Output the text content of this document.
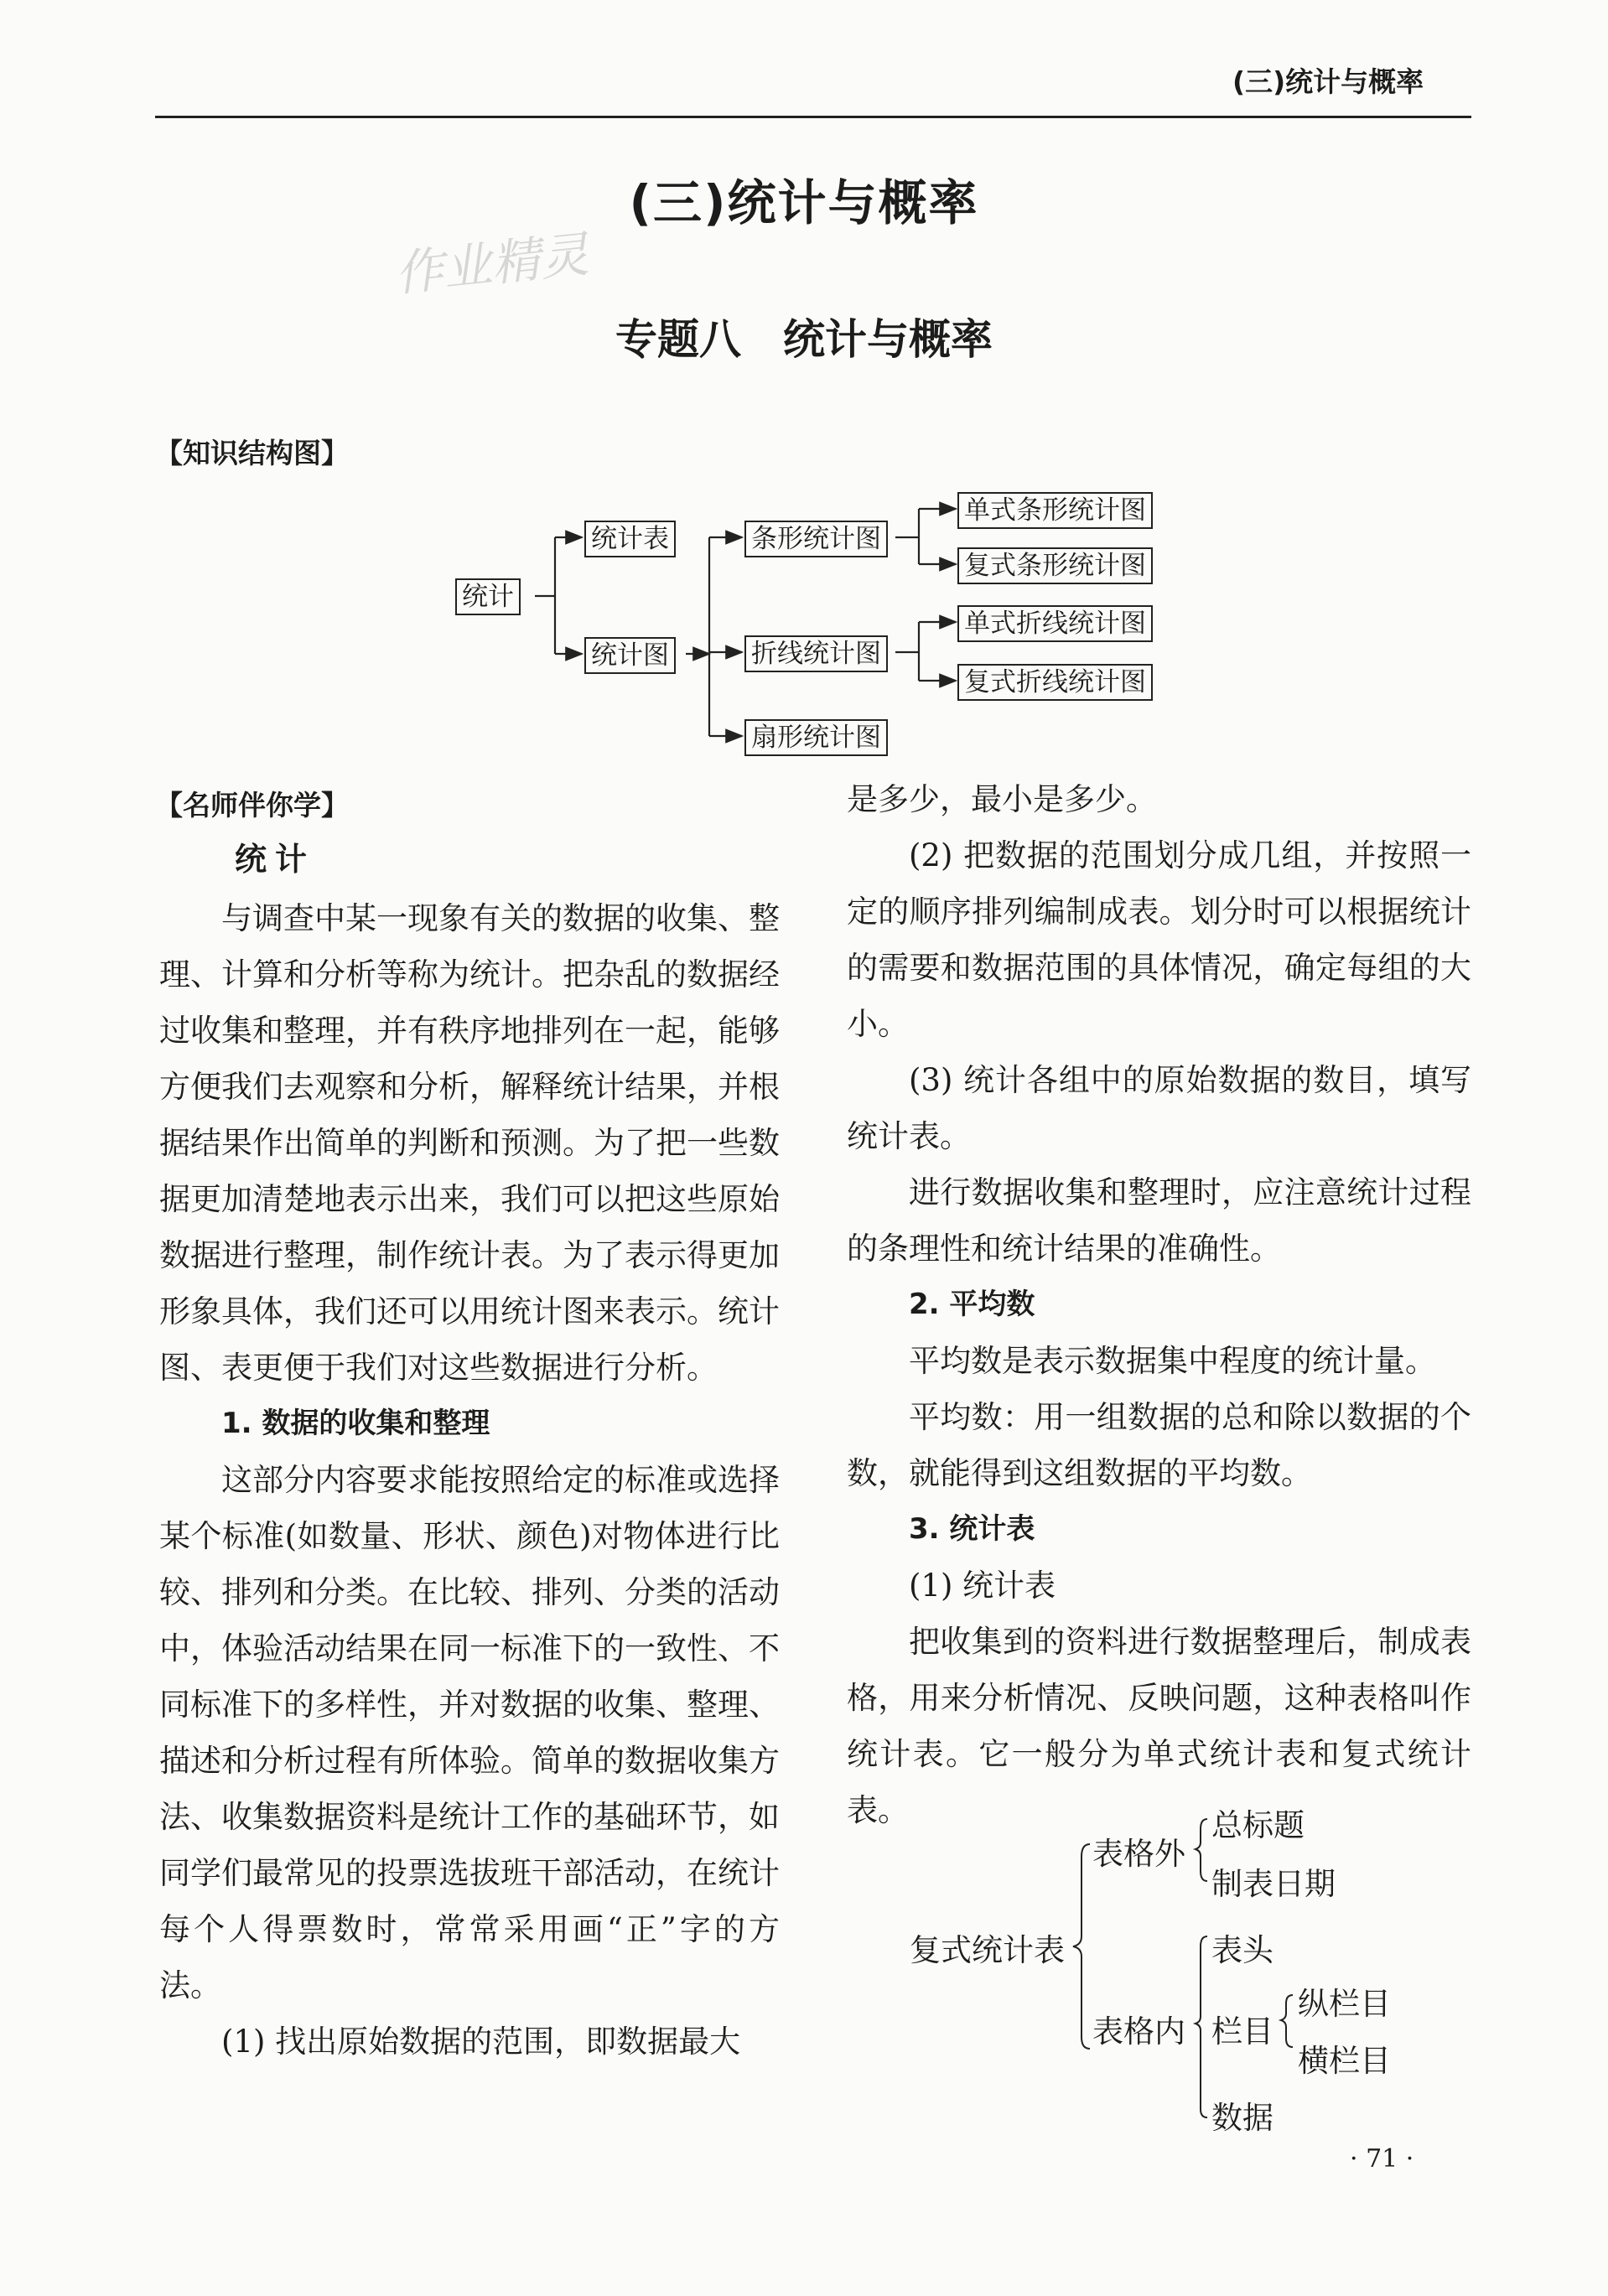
(三)统计与概率
(三)统计与概率
作业精灵
专题八　统计与概率
【知识结构图】
统计
统计表
统计图
条形统计图
折线统计图
扇形统计图
单式条形统计图
复式条形统计图
单式折线统计图
复式折线统计图
【名师伴你学】
统计

与调查中某一现象有关的数据的收集、整理、计算和分析等称为统计。把杂乱的数据经过收集和整理，并有秩序地排列在一起，能够方便我们去观察和分析，解释统计结果，并根据结果作出简单的判断和预测。为了把一些数据更加清楚地表示出来，我们可以把这些原始数据进行整理，制作统计表。为了表示得更加形象具体，我们还可以用统计图来表示。统计图、表更便于我们对这些数据进行分析。

1. 数据的收集和整理

这部分内容要求能按照给定的标准或选择某个标准(如数量、形状、颜色)对物体进行比较、排列和分类。在比较、排列、分类的活动中，体验活动结果在同一标准下的一致性、不同标准下的多样性，并对数据的收集、整理、描述和分析过程有所体验。简单的数据收集方法、收集数据资料是统计工作的基础环节，如同学们最常见的投票选拔班干部活动，在统计每个人得票数时，常常采用画“正”字的方法。

(1) 找出原始数据的范围，即数据最大

是多少，最小是多少。

(2) 把数据的范围划分成几组，并按照一定的顺序排列编制成表。划分时可以根据统计的需要和数据范围的具体情况，确定每组的大小。

(3) 统计各组中的原始数据的数目，填写统计表。

进行数据收集和整理时，应注意统计过程的条理性和统计结果的准确性。

2. 平均数

平均数是表示数据集中程度的统计量。

平均数：用一组数据的总和除以数据的个数，就能得到这组数据的平均数。

3. 统计表

(1) 统计表

把收集到的资料进行数据整理后，制成表格，用来分析情况、反映问题，这种表格叫作统计表。它一般分为单式统计表和复式统计表。

复式统计表
表格外
总标题
制表日期
表格内
表头
栏目
纵栏目
横栏目
数据
· 71 ·
